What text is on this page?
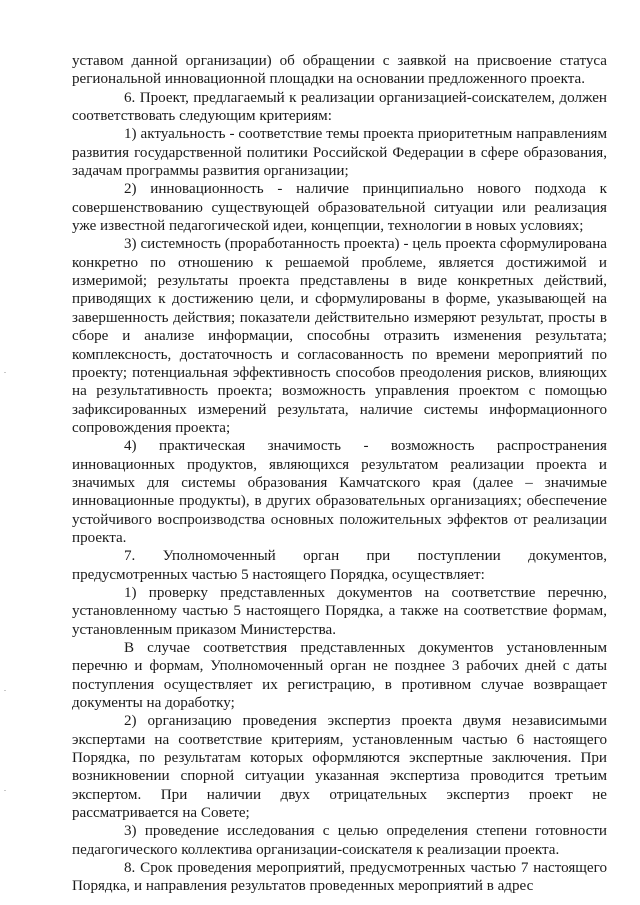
уставом данной организации) об обращении с заявкой на присвоение статуса региональной инновационной площадки на основании предложенного проекта.

6. Проект, предлагаемый к реализации организацией-соискателем, должен соответствовать следующим критериям:

1) актуальность - соответствие темы проекта приоритетным направлениям развития государственной политики Российской Федерации в сфере образования, задачам программы развития организации;

2) инновационность - наличие принципиально нового подхода к совершенствованию существующей образовательной ситуации или реализация уже известной педагогической идеи, концепции, технологии в новых условиях;

3) системность (проработанность проекта) - цель проекта сформулирована конкретно по отношению к решаемой проблеме, является достижимой и измеримой; результаты проекта представлены в виде конкретных действий, приводящих к достижению цели, и сформулированы в форме, указывающей на завершенность действия; показатели действительно измеряют результат, просты в сборе и анализе информации, способны отразить изменения результата; комплексность, достаточность и согласованность по времени мероприятий по проекту; потенциальная эффективность способов преодоления рисков, влияющих на результативность проекта; возможность управления проектом с помощью зафиксированных измерений результата, наличие системы информационного сопровождения проекта;

4) практическая значимость - возможность распространения инновационных продуктов, являющихся результатом реализации проекта и значимых для системы образования Камчатского края (далее – значимые инновационные продукты), в других образовательных организациях; обеспечение устойчивого воспроизводства основных положительных эффектов от реализации проекта.

7. Уполномоченный орган при поступлении документов, предусмотренных частью 5 настоящего Порядка, осуществляет:

1) проверку представленных документов на соответствие перечню, установленному частью 5 настоящего Порядка, а также на соответствие формам, установленным приказом Министерства.

В случае соответствия представленных документов установленным перечню и формам, Уполномоченный орган не позднее 3 рабочих дней с даты поступления осуществляет их регистрацию, в противном случае возвращает документы на доработку;

2) организацию проведения экспертиз проекта двумя независимыми экспертами на соответствие критериям, установленным частью 6 настоящего Порядка, по результатам которых оформляются экспертные заключения. При возникновении спорной ситуации указанная экспертиза проводится третьим экспертом. При наличии двух отрицательных экспертиз проект не рассматривается на Совете;

3) проведение исследования с целью определения степени готовности педагогического коллектива организации-соискателя к реализации проекта.

8. Срок проведения мероприятий, предусмотренных частью 7 настоящего Порядка, и направления результатов проведенных мероприятий в адрес
